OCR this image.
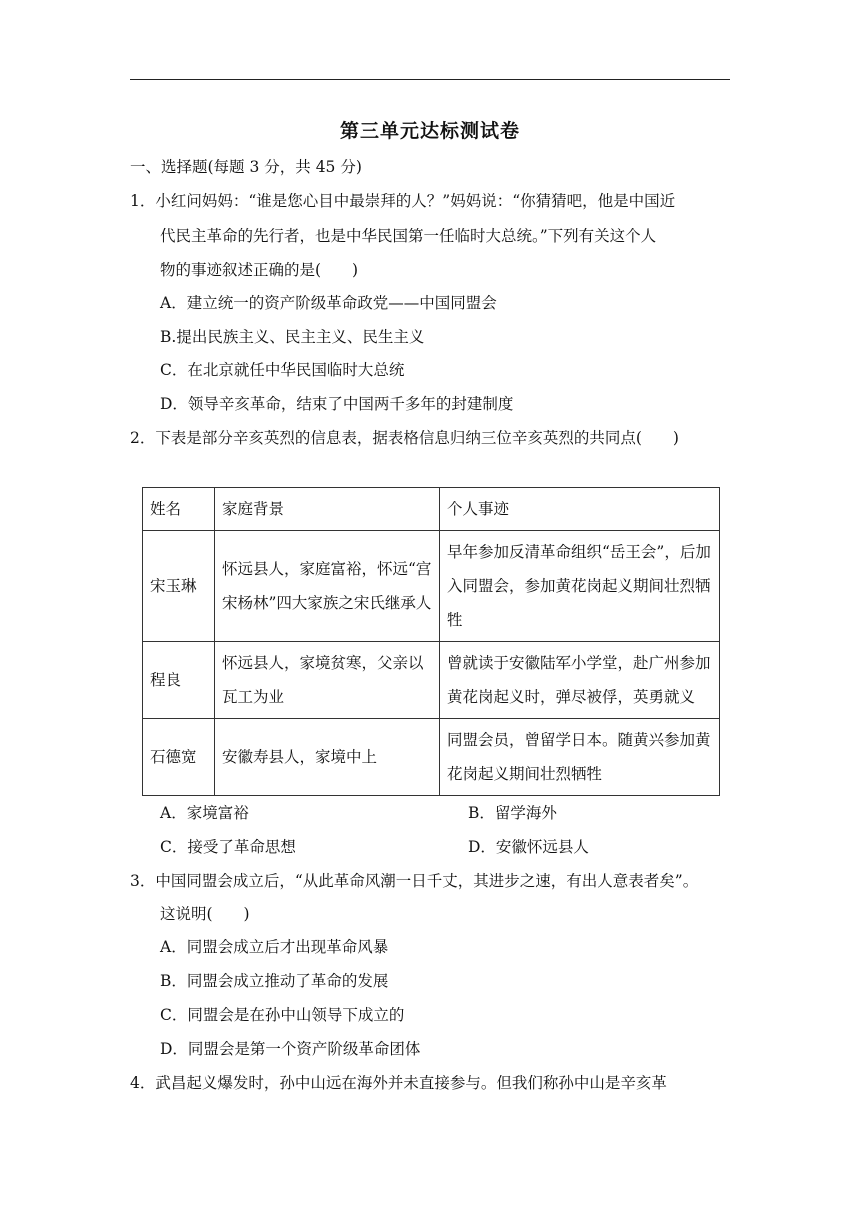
第三单元达标测试卷
一、选择题(每题 3 分，共 45 分)
1．小红问妈妈：“谁是您心目中最崇拜的人？”妈妈说：“你猜猜吧，他是中国近
代民主革命的先行者，也是中华民国第一任临时大总统。”下列有关这个人
物的事迹叙述正确的是(　　)
A．建立统一的资产阶级革命政党——中国同盟会
B.提出民族主义、民主主义、民生主义
C．在北京就任中华民国临时大总统
D．领导辛亥革命，结束了中国两千多年的封建制度
2．下表是部分辛亥英烈的信息表，据表格信息归纳三位辛亥英烈的共同点(　　)
姓名	家庭背景	个人事迹
宋玉琳	怀远县人，家庭富裕，怀远“宫宋杨林”四大家族之宋氏继承人	早年参加反清革命组织“岳王会”，后加入同盟会，参加黄花岗起义期间壮烈牺牲
程良	怀远县人，家境贫寒，父亲以瓦工为业	曾就读于安徽陆军小学堂，赴广州参加黄花岗起义时，弹尽被俘，英勇就义
石德宽	安徽寿县人，家境中上	同盟会员，曾留学日本。随黄兴参加黄花岗起义期间壮烈牺牲
A．家境富裕	B．留学海外
C．接受了革命思想	D．安徽怀远县人
3．中国同盟会成立后，“从此革命风潮一日千丈，其进步之速，有出人意表者矣”。
这说明(　　)
A．同盟会成立后才出现革命风暴
B．同盟会成立推动了革命的发展
C．同盟会是在孙中山领导下成立的
D．同盟会是第一个资产阶级革命团体
4．武昌起义爆发时，孙中山远在海外并未直接参与。但我们称孙中山是辛亥革
